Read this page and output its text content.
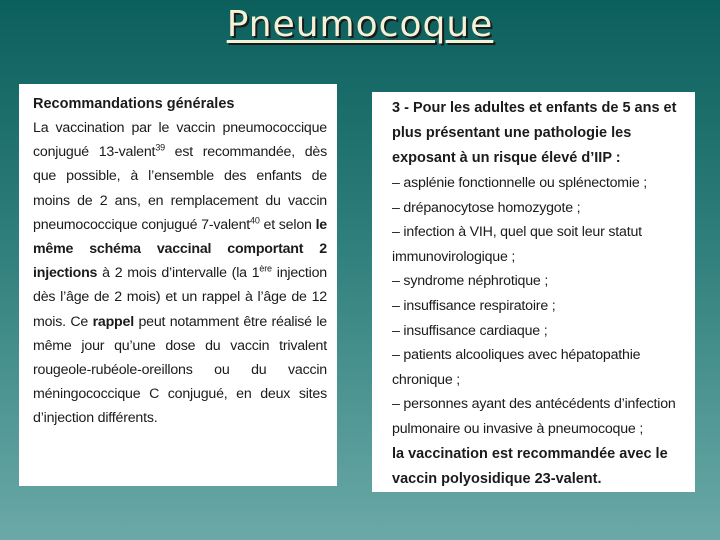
Pneumocoque

Recommandations générales

La vaccination par le vaccin pneumococcique conjugué 13-valent$^{39}$ est recommandée, dès que possible, à l’ensemble des enfants de moins de 2 ans, en remplacement du vaccin pneumococcique conjugué 7-valent$^{40}$ et selon le même schéma vaccinal comportant 2 injections à 2 mois d’intervalle (la 1ère injection dès l’âge de 2 mois) et un rappel à l’âge de 12 mois. Ce rappel peut notamment être réalisé le même jour qu’une dose du vaccin trivalent rougeole-rubéole-oreillons ou du vaccin méningococcique C conjugué, en deux sites d’injection différents.

3 - Pour les adultes et enfants de 5 ans et plus présentant une pathologie les exposant à un risque élevé d’IIP :

– asplénie fonctionnelle ou splénectomie ;
– drépanocytose homozygote ;
– infection à VIH, quel que soit leur statut immunovirologique ;
– syndrome néphrotique ;
– insuffisance respiratoire ;
– insuffisance cardiaque ;
– patients alcooliques avec hépatopathie chronique ;
– personnes ayant des antécédents d’infection pulmonaire ou invasive à pneumocoque ;

la vaccination est recommandée avec le vaccin polyosidique 23-valent.
